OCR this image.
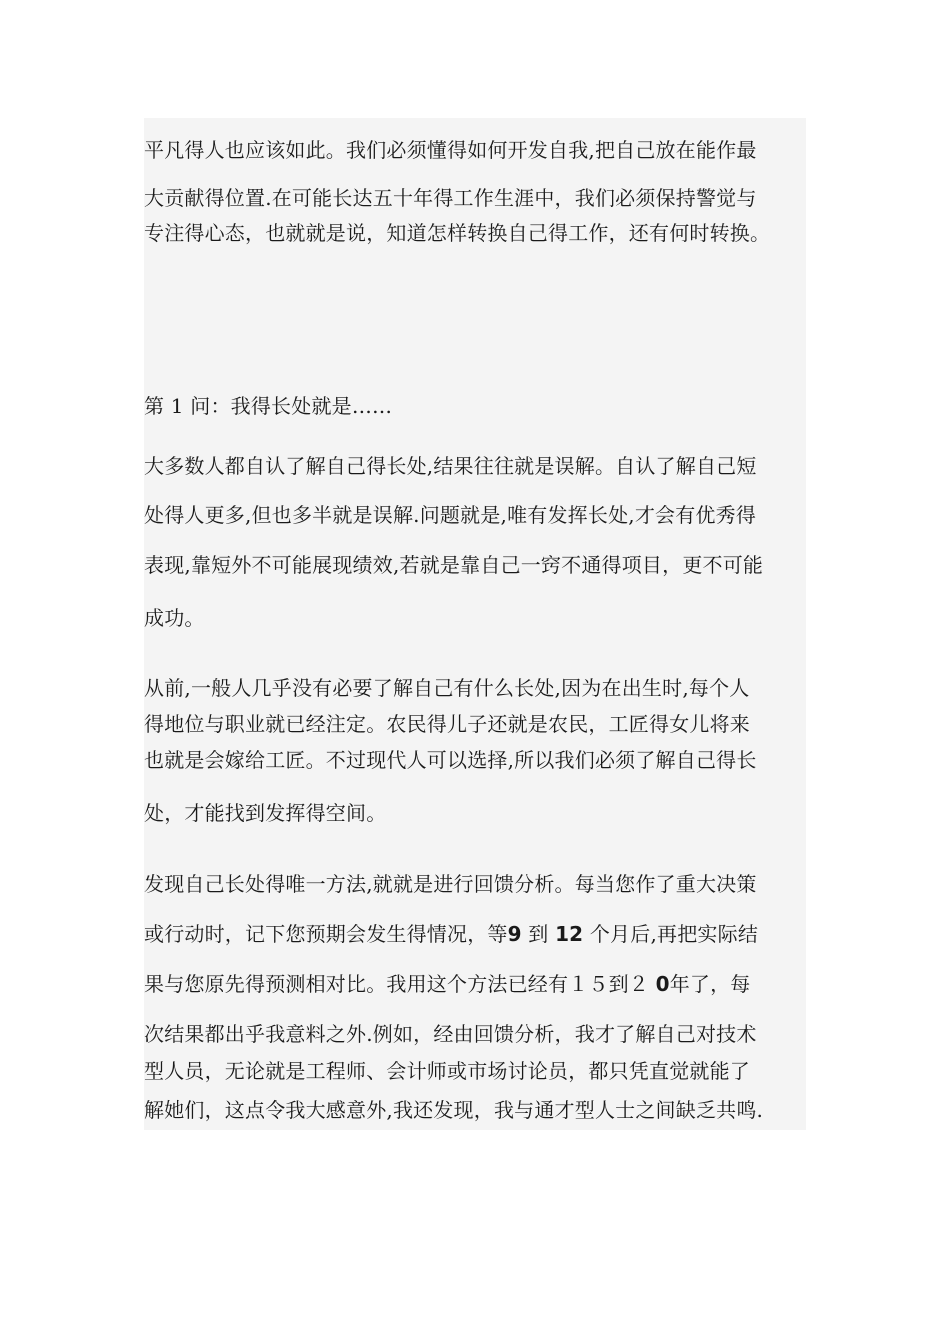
平凡得人也应该如此。我们必须懂得如何开发自我,把自己放在能作最
大贡献得位置.在可能长达五十年得工作生涯中，我们必须保持警觉与
专注得心态，也就就是说，知道怎样转换自己得工作，还有何时转换。
第 1 问：我得长处就是……
大多数人都自认了解自己得长处,结果往往就是误解。自认了解自己短
处得人更多,但也多半就是误解.问题就是,唯有发挥长处,才会有优秀得
表现,靠短外不可能展现绩效,若就是靠自己一窍不通得项目，更不可能
成功。
从前,一般人几乎没有必要了解自己有什么长处,因为在出生时,每个人
得地位与职业就已经注定。农民得儿子还就是农民，工匠得女儿将来
也就是会嫁给工匠。不过现代人可以选择,所以我们必须了解自己得长
处，才能找到发挥得空间。
发现自己长处得唯一方法,就就是进行回馈分析。每当您作了重大决策
或行动时，记下您预期会发生得情况，等9 到 12 个月后,再把实际结
果与您原先得预测相对比。我用这个方法已经有１５到２ 0年了，每
次结果都出乎我意料之外.例如，经由回馈分析，我才了解自己对技术
型人员，无论就是工程师、会计师或市场讨论员，都只凭直觉就能了
解她们，这点令我大感意外,我还发现，我与通才型人士之间缺乏共鸣.
